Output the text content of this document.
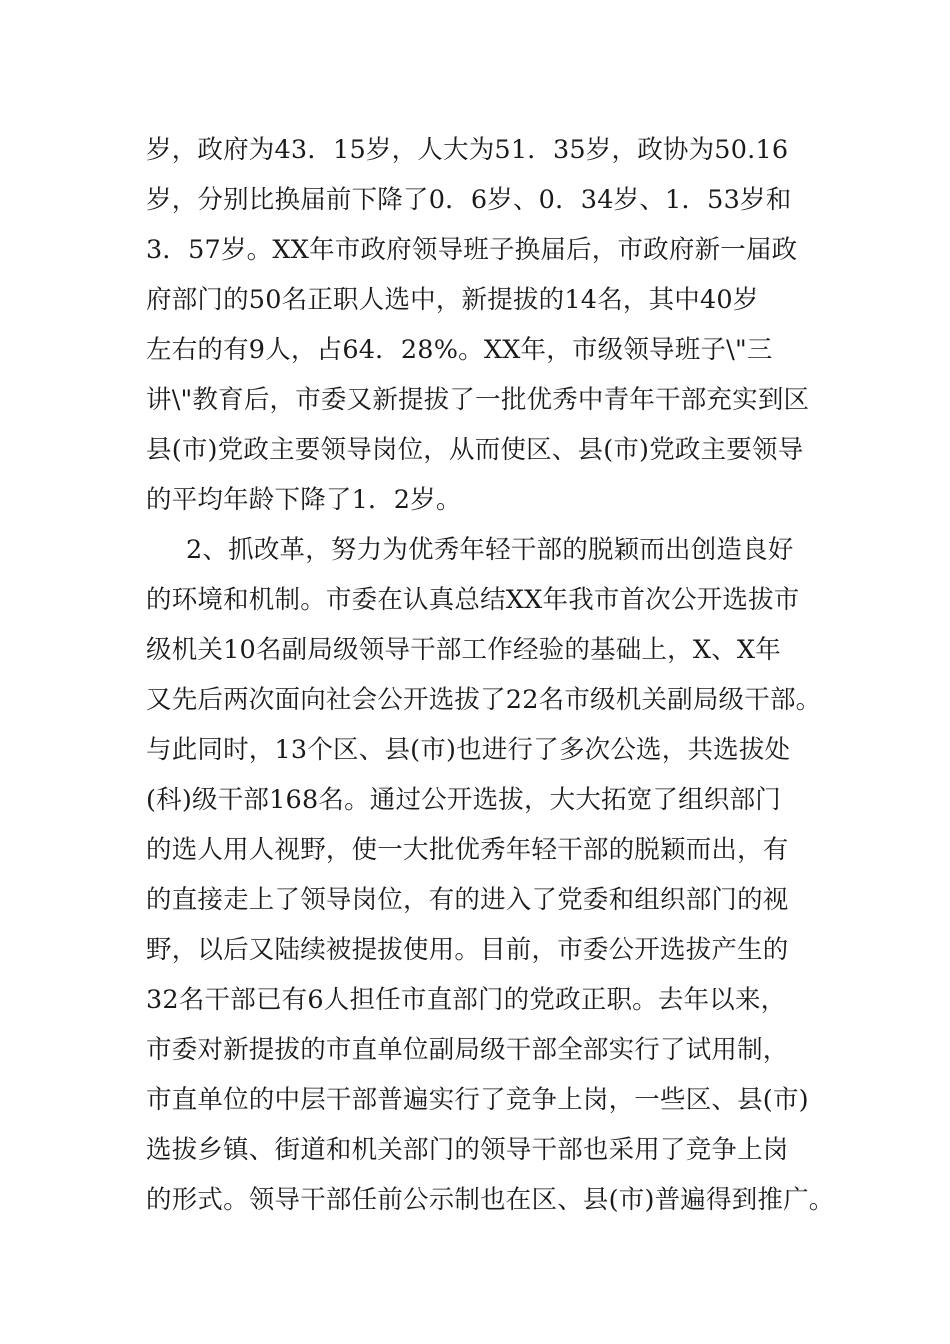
岁，政府为43．15岁，人大为51．35岁，政协为50.16
岁，分别比换届前下降了0．6岁、0．34岁、1．53岁和
3．57岁。XX年市政府领导班子换届后，市政府新一届政
府部门的50名正职人选中，新提拔的14名，其中40岁
左右的有9人，占64．28%。XX年，市级领导班子\"三
讲\"教育后，市委又新提拔了一批优秀中青年干部充实到区
县(市)党政主要领导岗位，从而使区、县(市)党政主要领导
的平均年龄下降了1．2岁。
2、抓改革，努力为优秀年轻干部的脱颖而出创造良好
的环境和机制。市委在认真总结XX年我市首次公开选拔市
级机关10名副局级领导干部工作经验的基础上，X、X年
又先后两次面向社会公开选拔了22名市级机关副局级干部。
与此同时，13个区、县(市)也进行了多次公选，共选拔处
(科)级干部168名。通过公开选拔，大大拓宽了组织部门
的选人用人视野，使一大批优秀年轻干部的脱颖而出，有
的直接走上了领导岗位，有的进入了党委和组织部门的视
野，以后又陆续被提拔使用。目前，市委公开选拔产生的
32名干部已有6人担任市直部门的党政正职。去年以来，
市委对新提拔的市直单位副局级干部全部实行了试用制，
市直单位的中层干部普遍实行了竞争上岗，一些区、县(市)
选拔乡镇、街道和机关部门的领导干部也采用了竞争上岗
的形式。领导干部任前公示制也在区、县(市)普遍得到推广。
